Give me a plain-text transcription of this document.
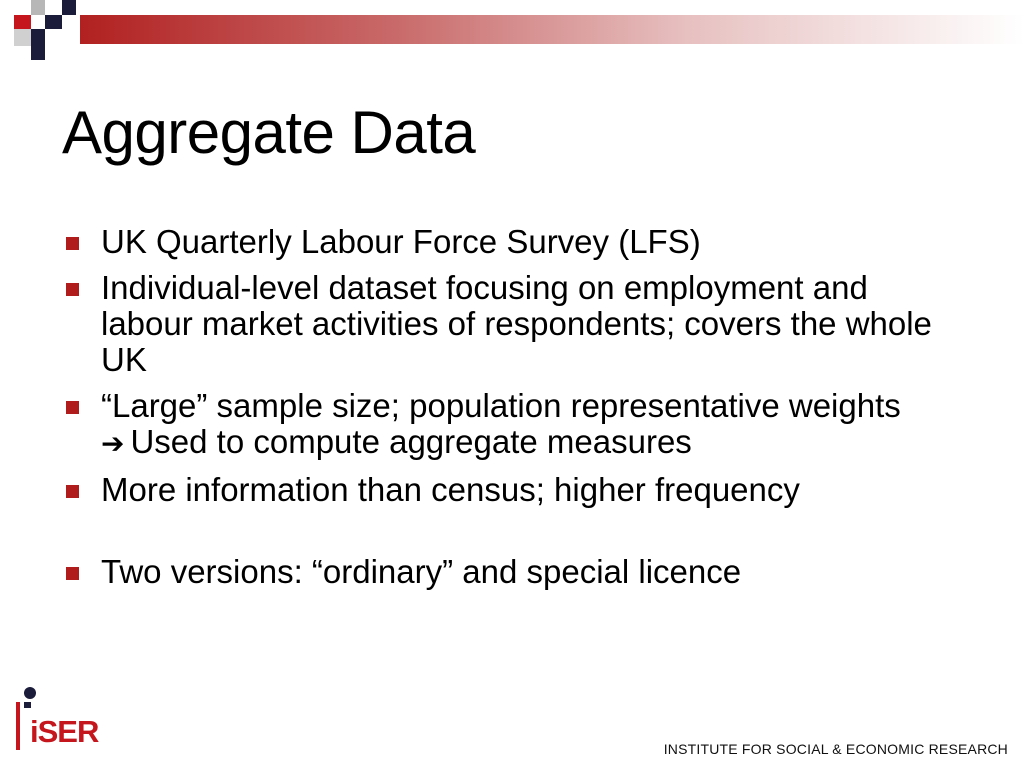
Aggregate Data
UK Quarterly Labour Force Survey (LFS)
Individual-level dataset focusing on employment and labour market activities of respondents; covers the whole UK
“Large” sample size; population representative weights
➔ Used to compute aggregate measures
More information than census; higher frequency
Two versions: “ordinary” and special licence
iSER	INSTITUTE FOR SOCIAL & ECONOMIC RESEARCH
